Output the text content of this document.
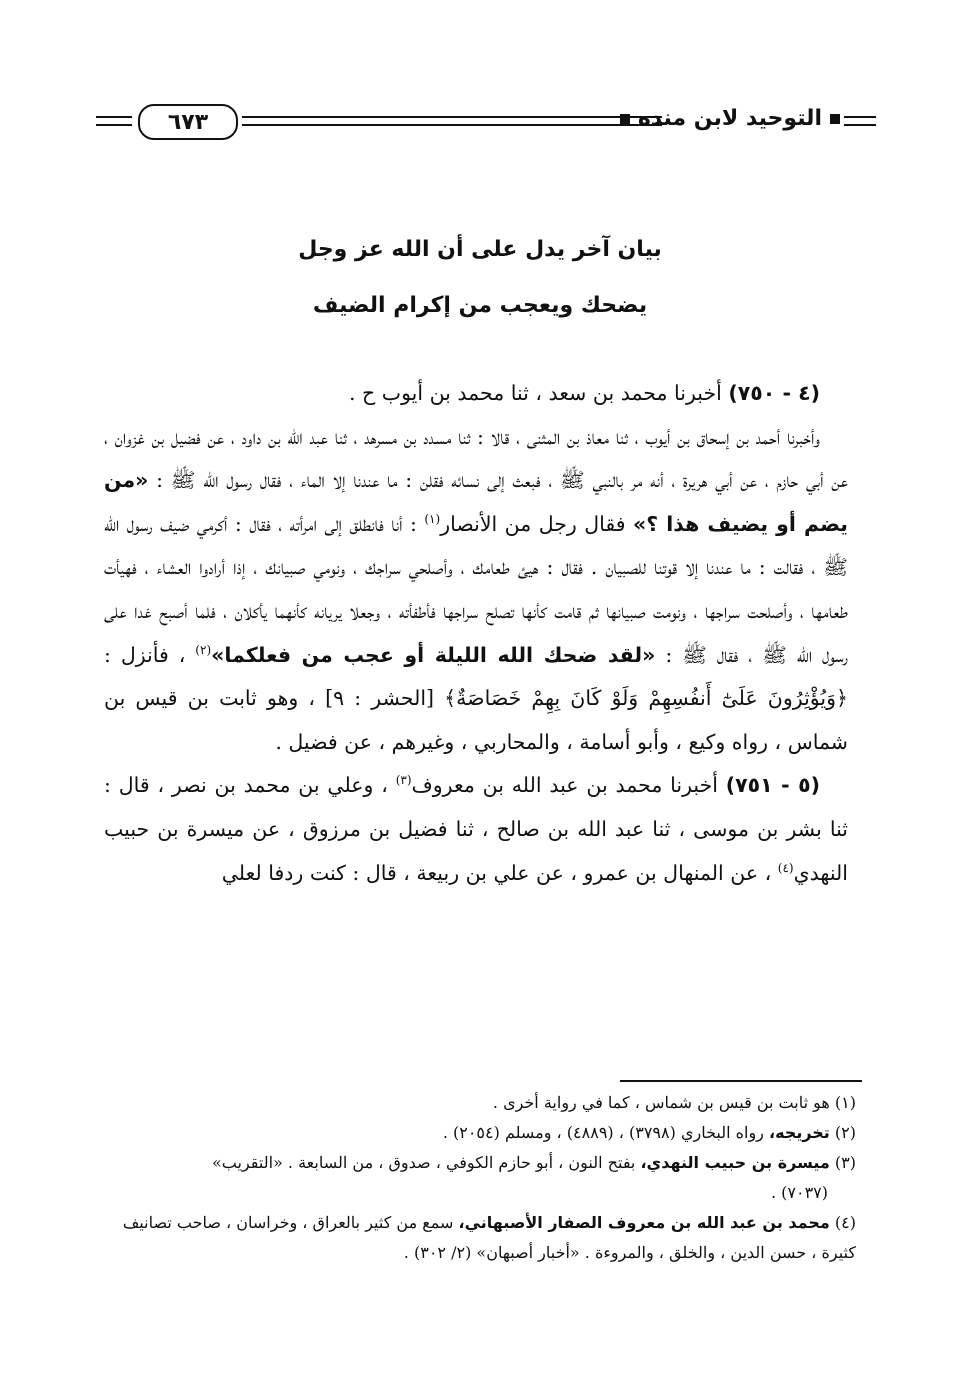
التوحيد لابن منده
٦٧٣
بيان آخر يدل على أن الله عز وجل
يضحك ويعجب من إكرام الضيف

(٤ - ٧٥٠) أخبرنا محمد بن سعد ، ثنا محمد بن أيوب ح .

وأخبرنا أحمد بن إسحاق بن أيوب ، ثنا معاذ بن المثنى ، قالا : ثنا مسدد بن مسرهد ، ثنا عبد الله بن داود ، عن فضيل بن غزوان ، عن أبي حازم ، عن أبي هريرة ، أنه مر بالنبي ﷺ ، فبعث إلى نسائه فقلن : ما عندنا إلا الماء ، فقال رسول الله ﷺ : «من يضم أو يضيف هذا ؟» فقال رجل من الأنصار$^{(١)}$ : أنا فانطلق إلى امرأته ، فقال : أكرمي ضيف رسول الله ﷺ ، فقالت : ما عندنا إلا قوتنا للصبيان . فقال : هيئ طعامك ، وأصلحي سراجك ، ونومي صبيانك ، إذا أرادوا العشاء ، فهيأت طعامها ، وأصلحت سراجها ، ونومت صبيانها ثم قامت كأنها تصلح سراجها فأطفأته ، وجعلا يريانه كأنهما يأكلان ، فلما أصبح غدا على رسول الله ﷺ ، فقال ﷺ : «لقد ضحك الله الليلة أو عجب من فعلكما»$^{(٢)}$ ، فأنزل : ﴿وَيُؤْثِرُونَ عَلَىٰٓ أَنفُسِهِمْ وَلَوْ كَانَ بِهِمْ خَصَاصَةٌ﴾ [الحشر : ٩] ، وهو ثابت بن قيس بن شماس ، رواه وكيع ، وأبو أسامة ، والمحاربي ، وغيرهم ، عن فضيل .

(٥ - ٧٥١) أخبرنا محمد بن عبد الله بن معروف$^{(٣)}$ ، وعلي بن محمد بن نصر ، قال : ثنا بشر بن موسى ، ثنا عبد الله بن صالح ، ثنا فضيل بن مرزوق ، عن ميسرة بن حبيب النهدي$^{(٤)}$ ، عن المنهال بن عمرو ، عن علي بن ربيعة ، قال : كنت ردفا لعلي

(١) هو ثابت بن قيس بن شماس ، كما في رواية أخرى .

(٢) تخريجه، رواه البخاري (٣٧٩٨) ، (٤٨٨٩) ، ومسلم (٢٠٥٤) .

(٣) ميسرة بن حبيب النهدي، بفتح النون ، أبو حازم الكوفي ، صدوق ، من السابعة . «التقريب»
(٧٠٣٧) .

(٤) محمد بن عبد الله بن معروف الصفار الأصبهاني، سمع من كثير بالعراق ، وخراسان ، صاحب تصانيف كثيرة ، حسن الدين ، والخلق ، والمروءة . «أخبار أصبهان» (٢/ ٣٠٢) .
